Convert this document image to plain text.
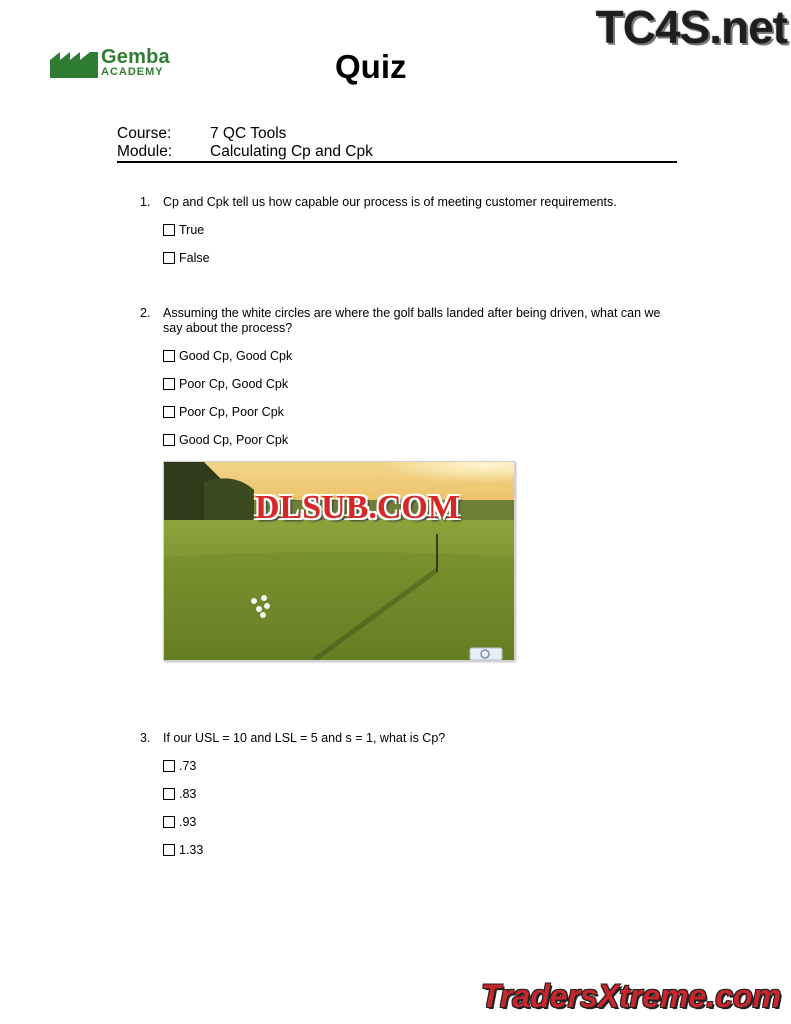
Gemba
ACADEMY	Quiz
TC4S.net
Course:	7 QC Tools
Module:	Calculating Cp and Cpk
1. Cp and Cpk tell us how capable our process is of meeting customer requirements.
True
False
2. Assuming the white circles are where the golf balls landed after being driven, what can we say about the process?
Good Cp, Good Cpk
Poor Cp, Good Cpk
Poor Cp, Poor Cpk
Good Cp, Poor Cpk
DLSUB.COM
3. If our USL = 10 and LSL = 5 and s = 1, what is Cp?
.73
.83
.93
1.33
TradersXtreme.com
